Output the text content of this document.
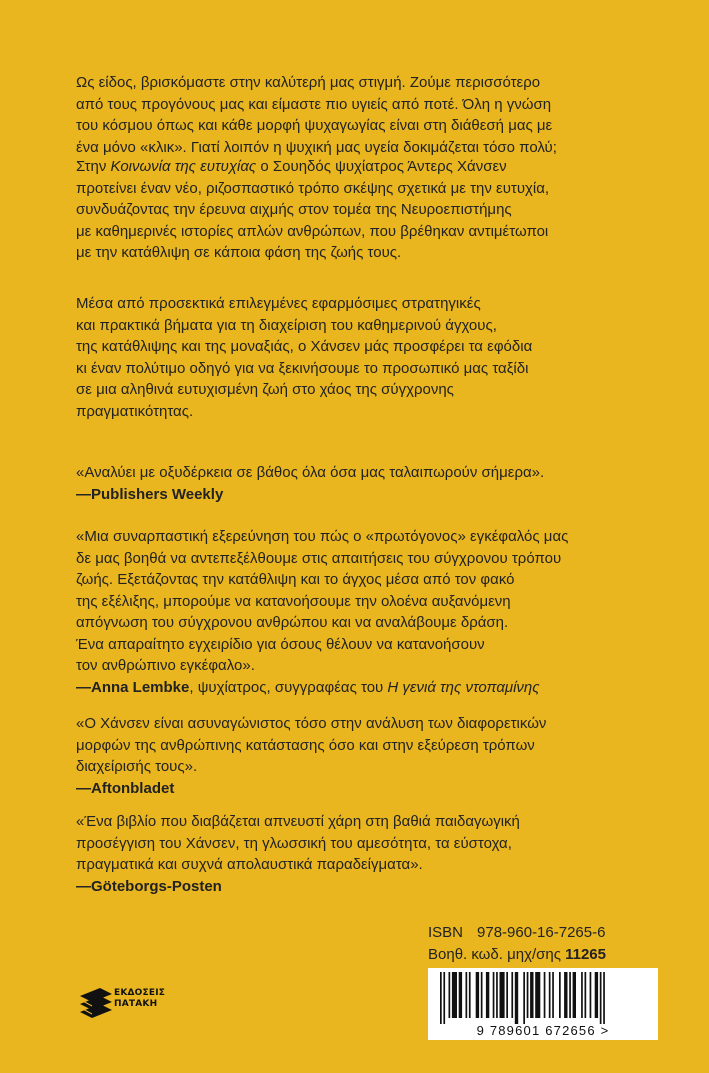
Ως είδος, βρισκόμαστε στην καλύτερή μας στιγμή. Ζούμε περισσότερο

από τους προγόνους μας και είμαστε πιο υγιείς από ποτέ. Όλη η γνώση

του κόσμου όπως και κάθε μορφή ψυχαγωγίας είναι στη διάθεσή μας με

ένα μόνο «κλικ». Γιατί λοιπόν η ψυχική μας υγεία δοκιμάζεται τόσο πολύ;

Στην Κοινωνία της ευτυχίας ο Σουηδός ψυχίατρος Άντερς Χάνσεν

προτείνει έναν νέο, ριζοσπαστικό τρόπο σκέψης σχετικά με την ευτυχία,

συνδυάζοντας την έρευνα αιχμής στον τομέα της Νευροεπιστήμης

με καθημερινές ιστορίες απλών ανθρώπων, που βρέθηκαν αντιμέτωποι

με την κατάθλιψη σε κάποια φάση της ζωής τους.

Μέσα από προσεκτικά επιλεγμένες εφαρμόσιμες στρατηγικές

και πρακτικά βήματα για τη διαχείριση του καθημερινού άγχους,

της κατάθλιψης και της μοναξιάς, ο Χάνσεν μάς προσφέρει τα εφόδια

κι έναν πολύτιμο οδηγό για να ξεκινήσουμε το προσωπικό μας ταξίδι

σε μια αληθινά ευτυχισμένη ζωή στο χάος της σύγχρονης

πραγματικότητας.

«Αναλύει με οξυδέρκεια σε βάθος όλα όσα μας ταλαιπωρούν σήμερα».

—Publishers Weekly

«Μια συναρπαστική εξερεύνηση του πώς ο «πρωτόγονος» εγκέφαλός μας

δε μας βοηθά να αντεπεξέλθουμε στις απαιτήσεις του σύγχρονου τρόπου

ζωής. Εξετάζοντας την κατάθλιψη και το άγχος μέσα από τον φακό

της εξέλιξης, μπορούμε να κατανοήσουμε την ολοένα αυξανόμενη

απόγνωση του σύγχρονου ανθρώπου και να αναλάβουμε δράση.

Ένα απαραίτητο εγχειρίδιο για όσους θέλουν να κατανοήσουν

τον ανθρώπινο εγκέφαλο».

—Anna Lembke, ψυχίατρος, συγγραφέας του Η γενιά της ντοπαμίνης

«Ο Χάνσεν είναι ασυναγώνιστος τόσο στην ανάλυση των διαφορετικών

μορφών της ανθρώπινης κατάστασης όσο και στην εξεύρεση τρόπων

διαχείρισής τους».

—Aftonbladet

«Ένα βιβλίο που διαβάζεται απνευστί χάρη στη βαθιά παιδαγωγική

προσέγγιση του Χάνσεν, τη γλωσσική του αμεσότητα, τα εύστοχα,

πραγματικά και συχνά απολαυστικά παραδείγματα».

—Göteborgs-Posten

ISBN 978-960-16-7265-6
Βοηθ. κωδ. μηχ/σης 11265
9 789601 672656 >
ΕΚΔΟΣΕΙΣ
ΠΑΤΑΚΗ
